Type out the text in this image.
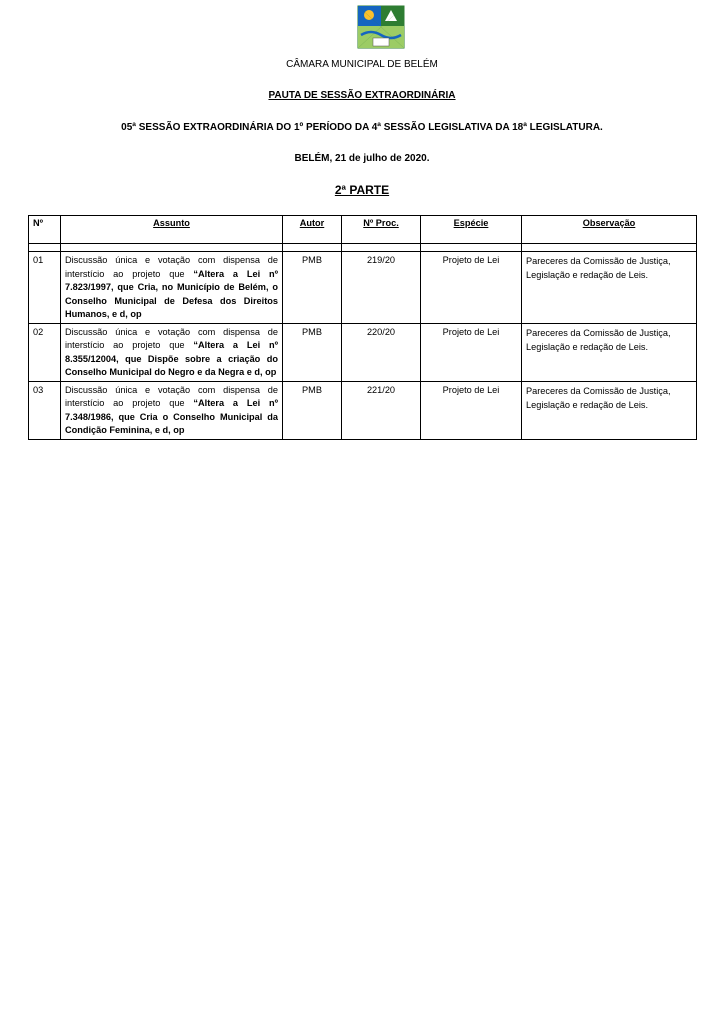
CÂMARA MUNICIPAL DE BELÉM
PAUTA DE SESSÃO EXTRAORDINÁRIA
05ª SESSÃO EXTRAORDINÁRIA DO 1º PERÍODO DA 4ª SESSÃO LEGISLATIVA DA 18ª LEGISLATURA.
BELÉM, 21 de julho de 2020.
2ª PARTE
Nº	Assunto	Autor	Nº Proc.	Espécie	Observação

01	Discussão única e votação com dispensa de interstício ao projeto que “Altera a Lei nº 7.823/1997, que Cria, no Município de Belém, o Conselho Municipal de Defesa dos Direitos Humanos, e d, op	PMB	219/20	Projeto de Lei	Pareceres da Comissão de Justiça, Legislação e redação de Leis.
02	Discussão única e votação com dispensa de interstício ao projeto que “Altera a Lei nº 8.355/12004, que Dispõe sobre a criação do Conselho Municipal do Negro e da Negra e d, op	PMB	220/20	Projeto de Lei	Pareceres da Comissão de Justiça, Legislação e redação de Leis.
03	Discussão única e votação com dispensa de interstício ao projeto que “Altera a Lei nº 7.348/1986, que Cria o Conselho Municipal da Condição Feminina, e d, op	PMB	221/20	Projeto de Lei	Pareceres da Comissão de Justiça, Legislação e redação de Leis.
